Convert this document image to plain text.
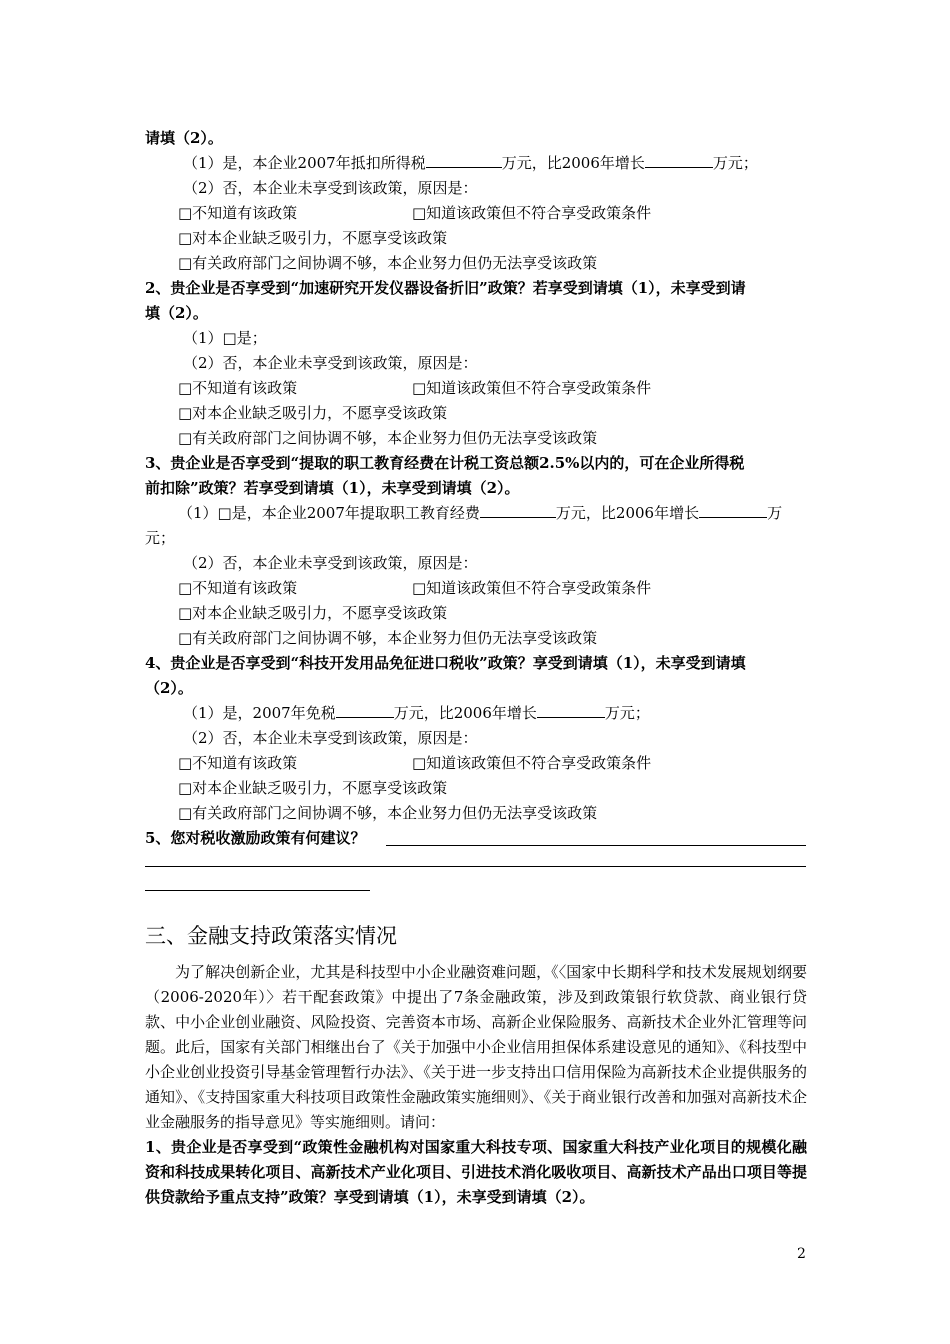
请填（2）。
（1）是，本企业2007年抵扣所得税	万元，比2006年增长	万元；
（2）否，本企业未享受到该政策，原因是：
□不知道有该政策	□知道该政策但不符合享受政策条件
□对本企业缺乏吸引力，不愿享受该政策
□有关政府部门之间协调不够，本企业努力但仍无法享受该政策
2、贵企业是否享受到“加速研究开发仪器设备折旧”政策？若享受到请填（1），未享受到请
填（2）。
（1）□是；
（2）否，本企业未享受到该政策，原因是：
□不知道有该政策	□知道该政策但不符合享受政策条件
□对本企业缺乏吸引力，不愿享受该政策
□有关政府部门之间协调不够，本企业努力但仍无法享受该政策
3、贵企业是否享受到“提取的职工教育经费在计税工资总额2.5%以内的，可在企业所得税
前扣除”政策？若享受到请填（1），未享受到请填（2）。
（1）□是，本企业2007年提取职工教育经费	万元，比2006年增长	万
元；
（2）否，本企业未享受到该政策，原因是：
□不知道有该政策	□知道该政策但不符合享受政策条件
□对本企业缺乏吸引力，不愿享受该政策
□有关政府部门之间协调不够，本企业努力但仍无法享受该政策
4、贵企业是否享受到“科技开发用品免征进口税收”政策？享受到请填（1），未享受到请填
（2）。
（1）是，2007年免税	万元，比2006年增长	万元；
（2）否，本企业未享受到该政策，原因是：
□不知道有该政策	□知道该政策但不符合享受政策条件
□对本企业缺乏吸引力，不愿享受该政策
□有关政府部门之间协调不够，本企业努力但仍无法享受该政策
5、您对税收激励政策有何建议？
三、金融支持政策落实情况
为了解决创新企业，尤其是科技型中小企业融资难问题，《〈国家中长期科学和技术发展规划纲要（2006-2020年）〉若干配套政策》中提出了7条金融政策，涉及到政策银行软贷款、商业银行贷款、中小企业创业融资、风险投资、完善资本市场、高新企业保险服务、高新技术企业外汇管理等问题。此后，国家有关部门相继出台了《关于加强中小企业信用担保体系建设意见的通知》、《科技型中小企业创业投资引导基金管理暂行办法》、《关于进一步支持出口信用保险为高新技术企业提供服务的通知》、《支持国家重大科技项目政策性金融政策实施细则》、《关于商业银行改善和加强对高新技术企业金融服务的指导意见》等实施细则。请问：
1、贵企业是否享受到“政策性金融机构对国家重大科技专项、国家重大科技产业化项目的规模化融资和科技成果转化项目、高新技术产业化项目、引进技术消化吸收项目、高新技术产品出口项目等提供贷款给予重点支持”政策？享受到请填（1），未享受到请填（2）。
2
